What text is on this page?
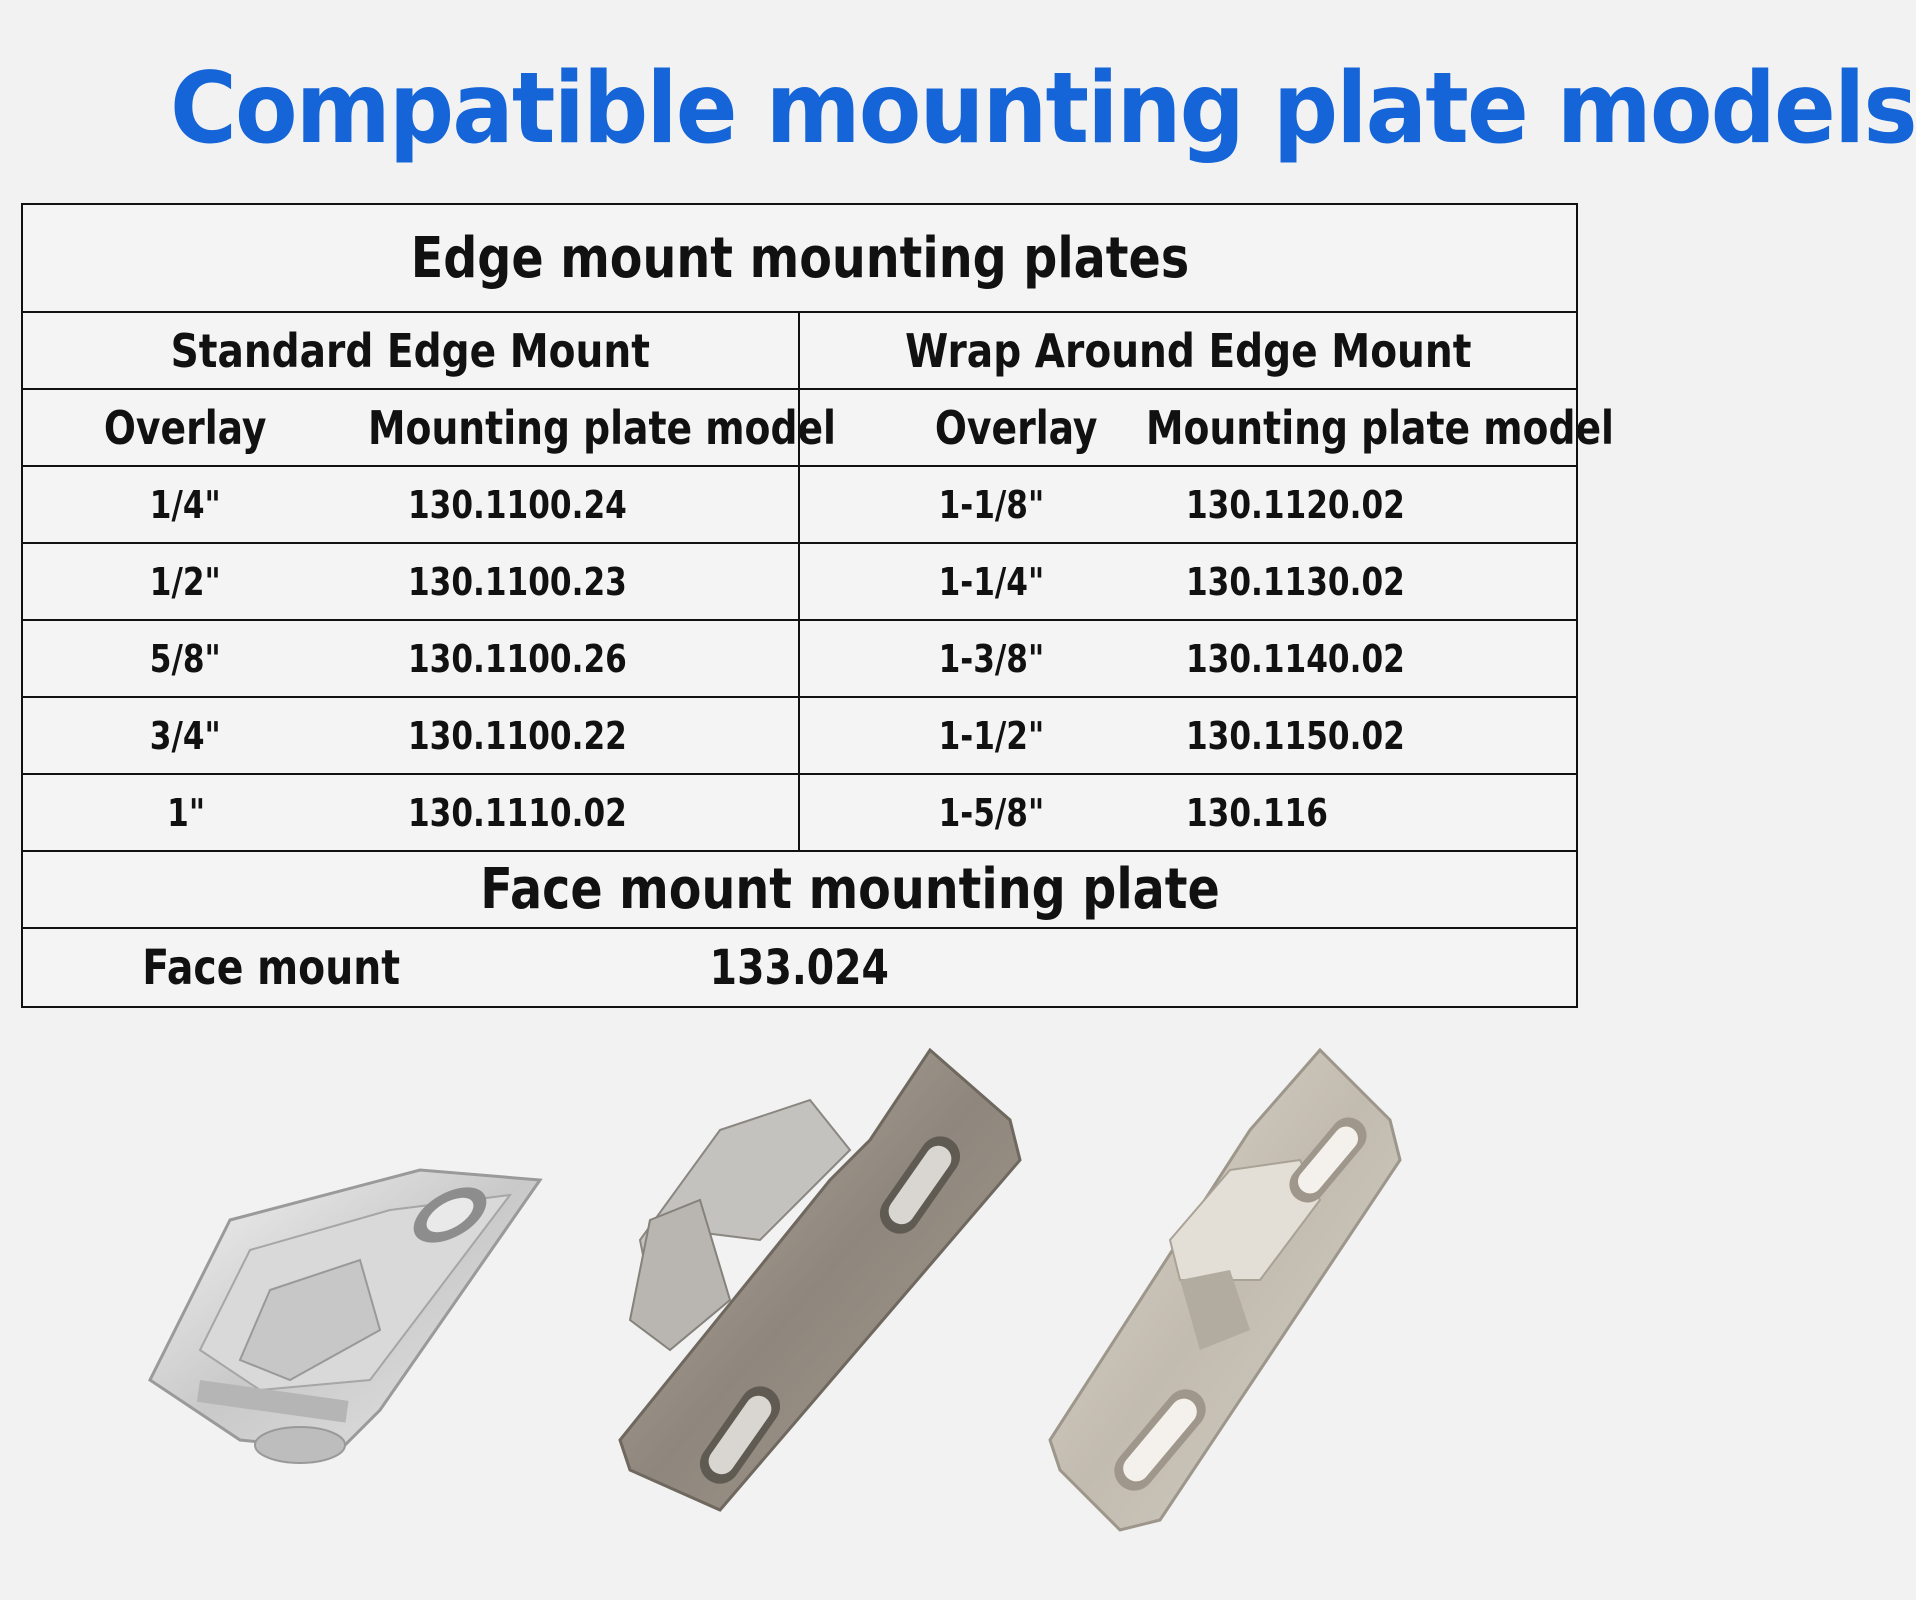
Compatible mounting plate models
Edge mount mounting plates
Standard Edge Mount	Wrap Around Edge Mount
Overlay Mounting plate model Overlay Mounting plate model
1/4"	130.1100.24	1-1/8"	130.1120.02
1/2"	130.1100.23	1-1/4"	130.1130.02
5/8"	130.1100.26	1-3/8"	130.1140.02
3/4"	130.1100.22	1-1/2"	130.1150.02
1"	130.1110.02	1-5/8"	130.116
Face mount mounting plate
Face mount	133.024
